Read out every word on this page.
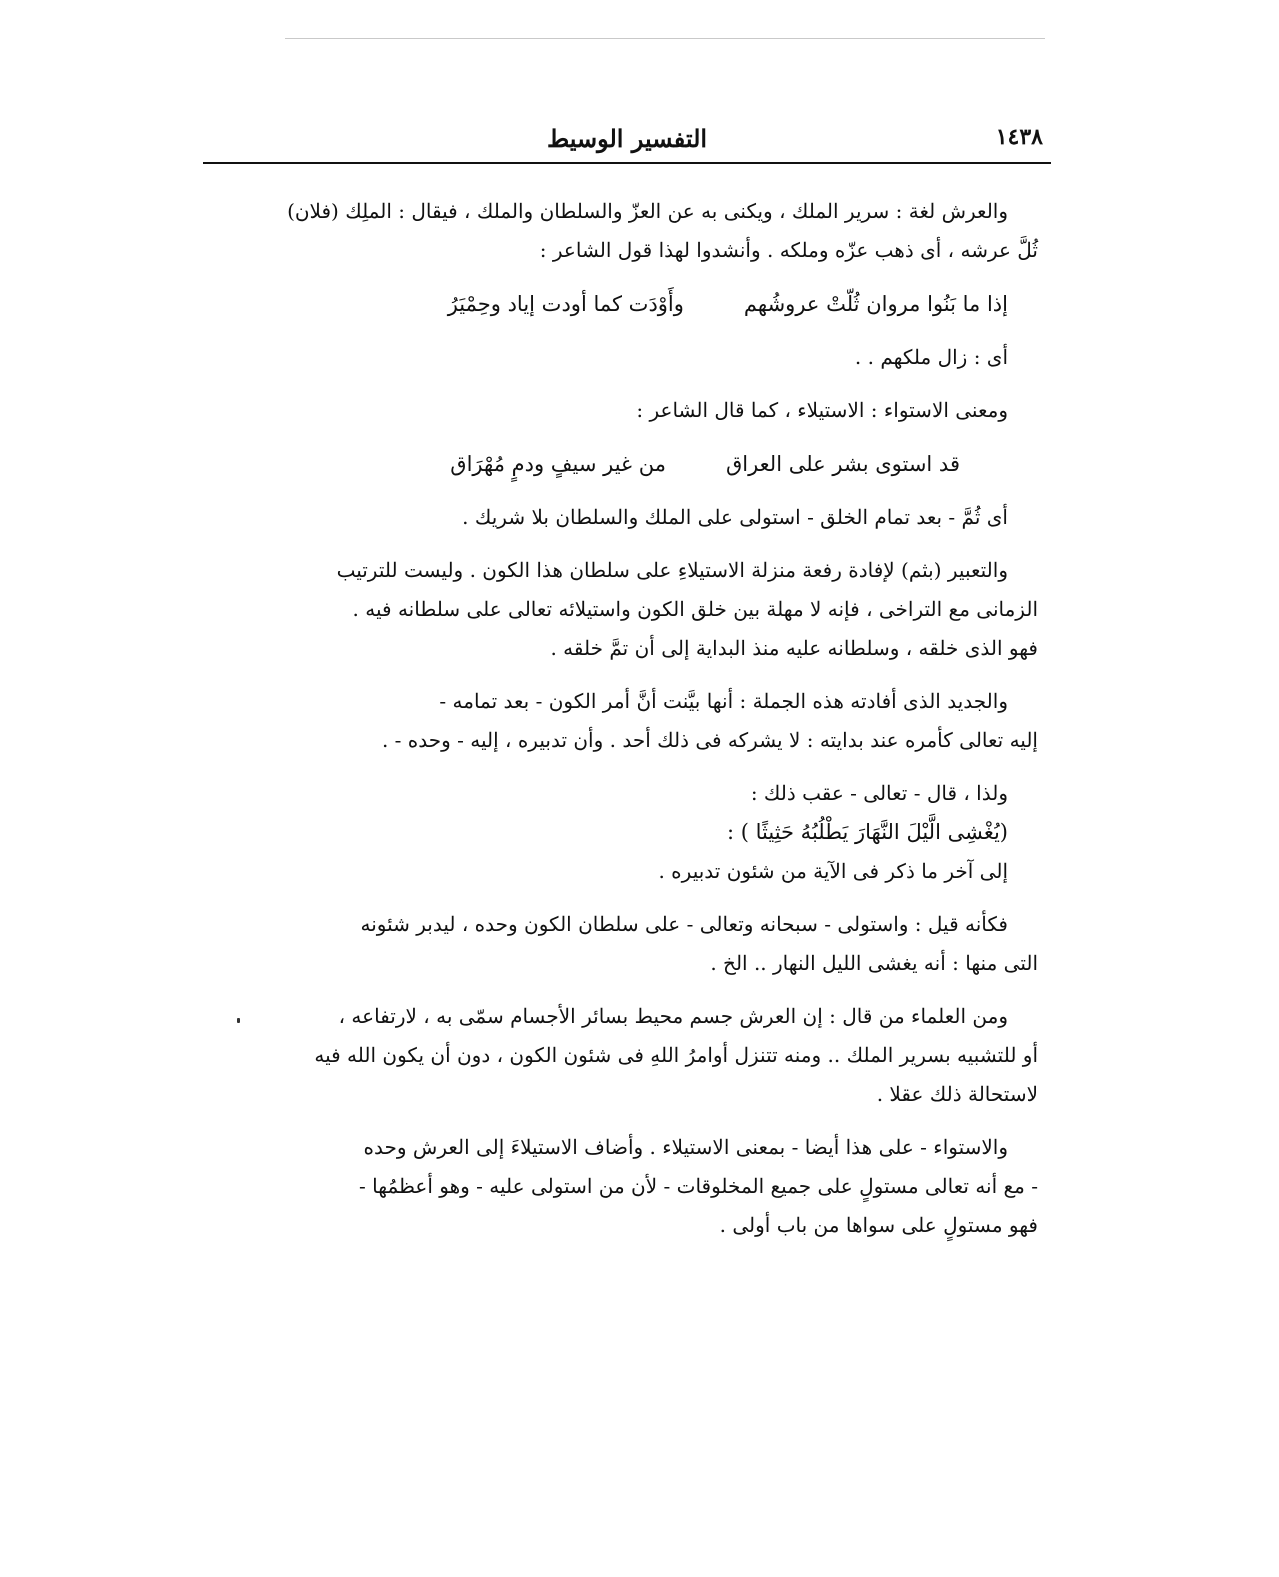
١٤٣٨
التفسير الوسيط

والعرش لغة : سرير الملك ، ويكنى به عن العزّ والسلطان والملك ، فيقال : الملِك (فلان)
ثُلَّ عرشه ، أى ذهب عزّه وملكه . وأنشدوا لهذا قول الشاعر :

إذا ما بَنُوا مروان ثُلّتْ عروشُهم
وأَوْدَت كما أودت إياد وحِمْيَرُ

أى : زال ملكهم . .

ومعنى الاستواء : الاستيلاء ، كما قال الشاعر :

قد استوى بشر على العراق
من غير سيفٍ ودمٍ مُهْرَاق

أى ثُمَّ - بعد تمام الخلق - استولى على الملك والسلطان بلا شريك .

والتعبير (بثم) لإفادة رفعة منزلة الاستيلاءِ على سلطان هذا الكون . وليست للترتيب
الزمانى مع التراخى ، فإنه لا مهلة بين خلق الكون واستيلائه تعالى على سلطانه فيه .
فهو الذى خلقه ، وسلطانه عليه منذ البداية إلى أن تمَّ خلقه .

والجديد الذى أفادته هذه الجملة : أنها بيَّنت أنَّ أمر الكون - بعد تمامه -
إليه تعالى كأمره عند بدايته : لا يشركه فى ذلك أحد . وأن تدبيره ، إليه - وحده - .

ولذا ، قال - تعالى - عقب ذلك :
(يُغْشِى الَّيْلَ النَّهَارَ يَطْلُبُهُ حَثِيثًا ) :
إلى آخر ما ذكر فى الآية من شئون تدبيره .

فكأنه قيل : واستولى - سبحانه وتعالى - على سلطان الكون وحده ، ليدبر شئونه
التى منها : أنه يغشى الليل النهار .. الخ .

ومن العلماء من قال : إن العرش جسم محيط بسائر الأجسام سمّى به ، لارتفاعه ،
أو للتشبيه بسرير الملك .. ومنه تتنزل أوامرُ اللهِ فى شئون الكون ، دون أن يكون الله فيه
لاستحالة ذلك عقلا .

والاستواء - على هذا أيضا - بمعنى الاستيلاء . وأضاف الاستيلاءَ إلى العرش وحده
- مع أنه تعالى مستولٍ على جميع المخلوقات - لأن من استولى عليه - وهو أعظمُها -
فهو مستولٍ على سواها من باب أولى .
